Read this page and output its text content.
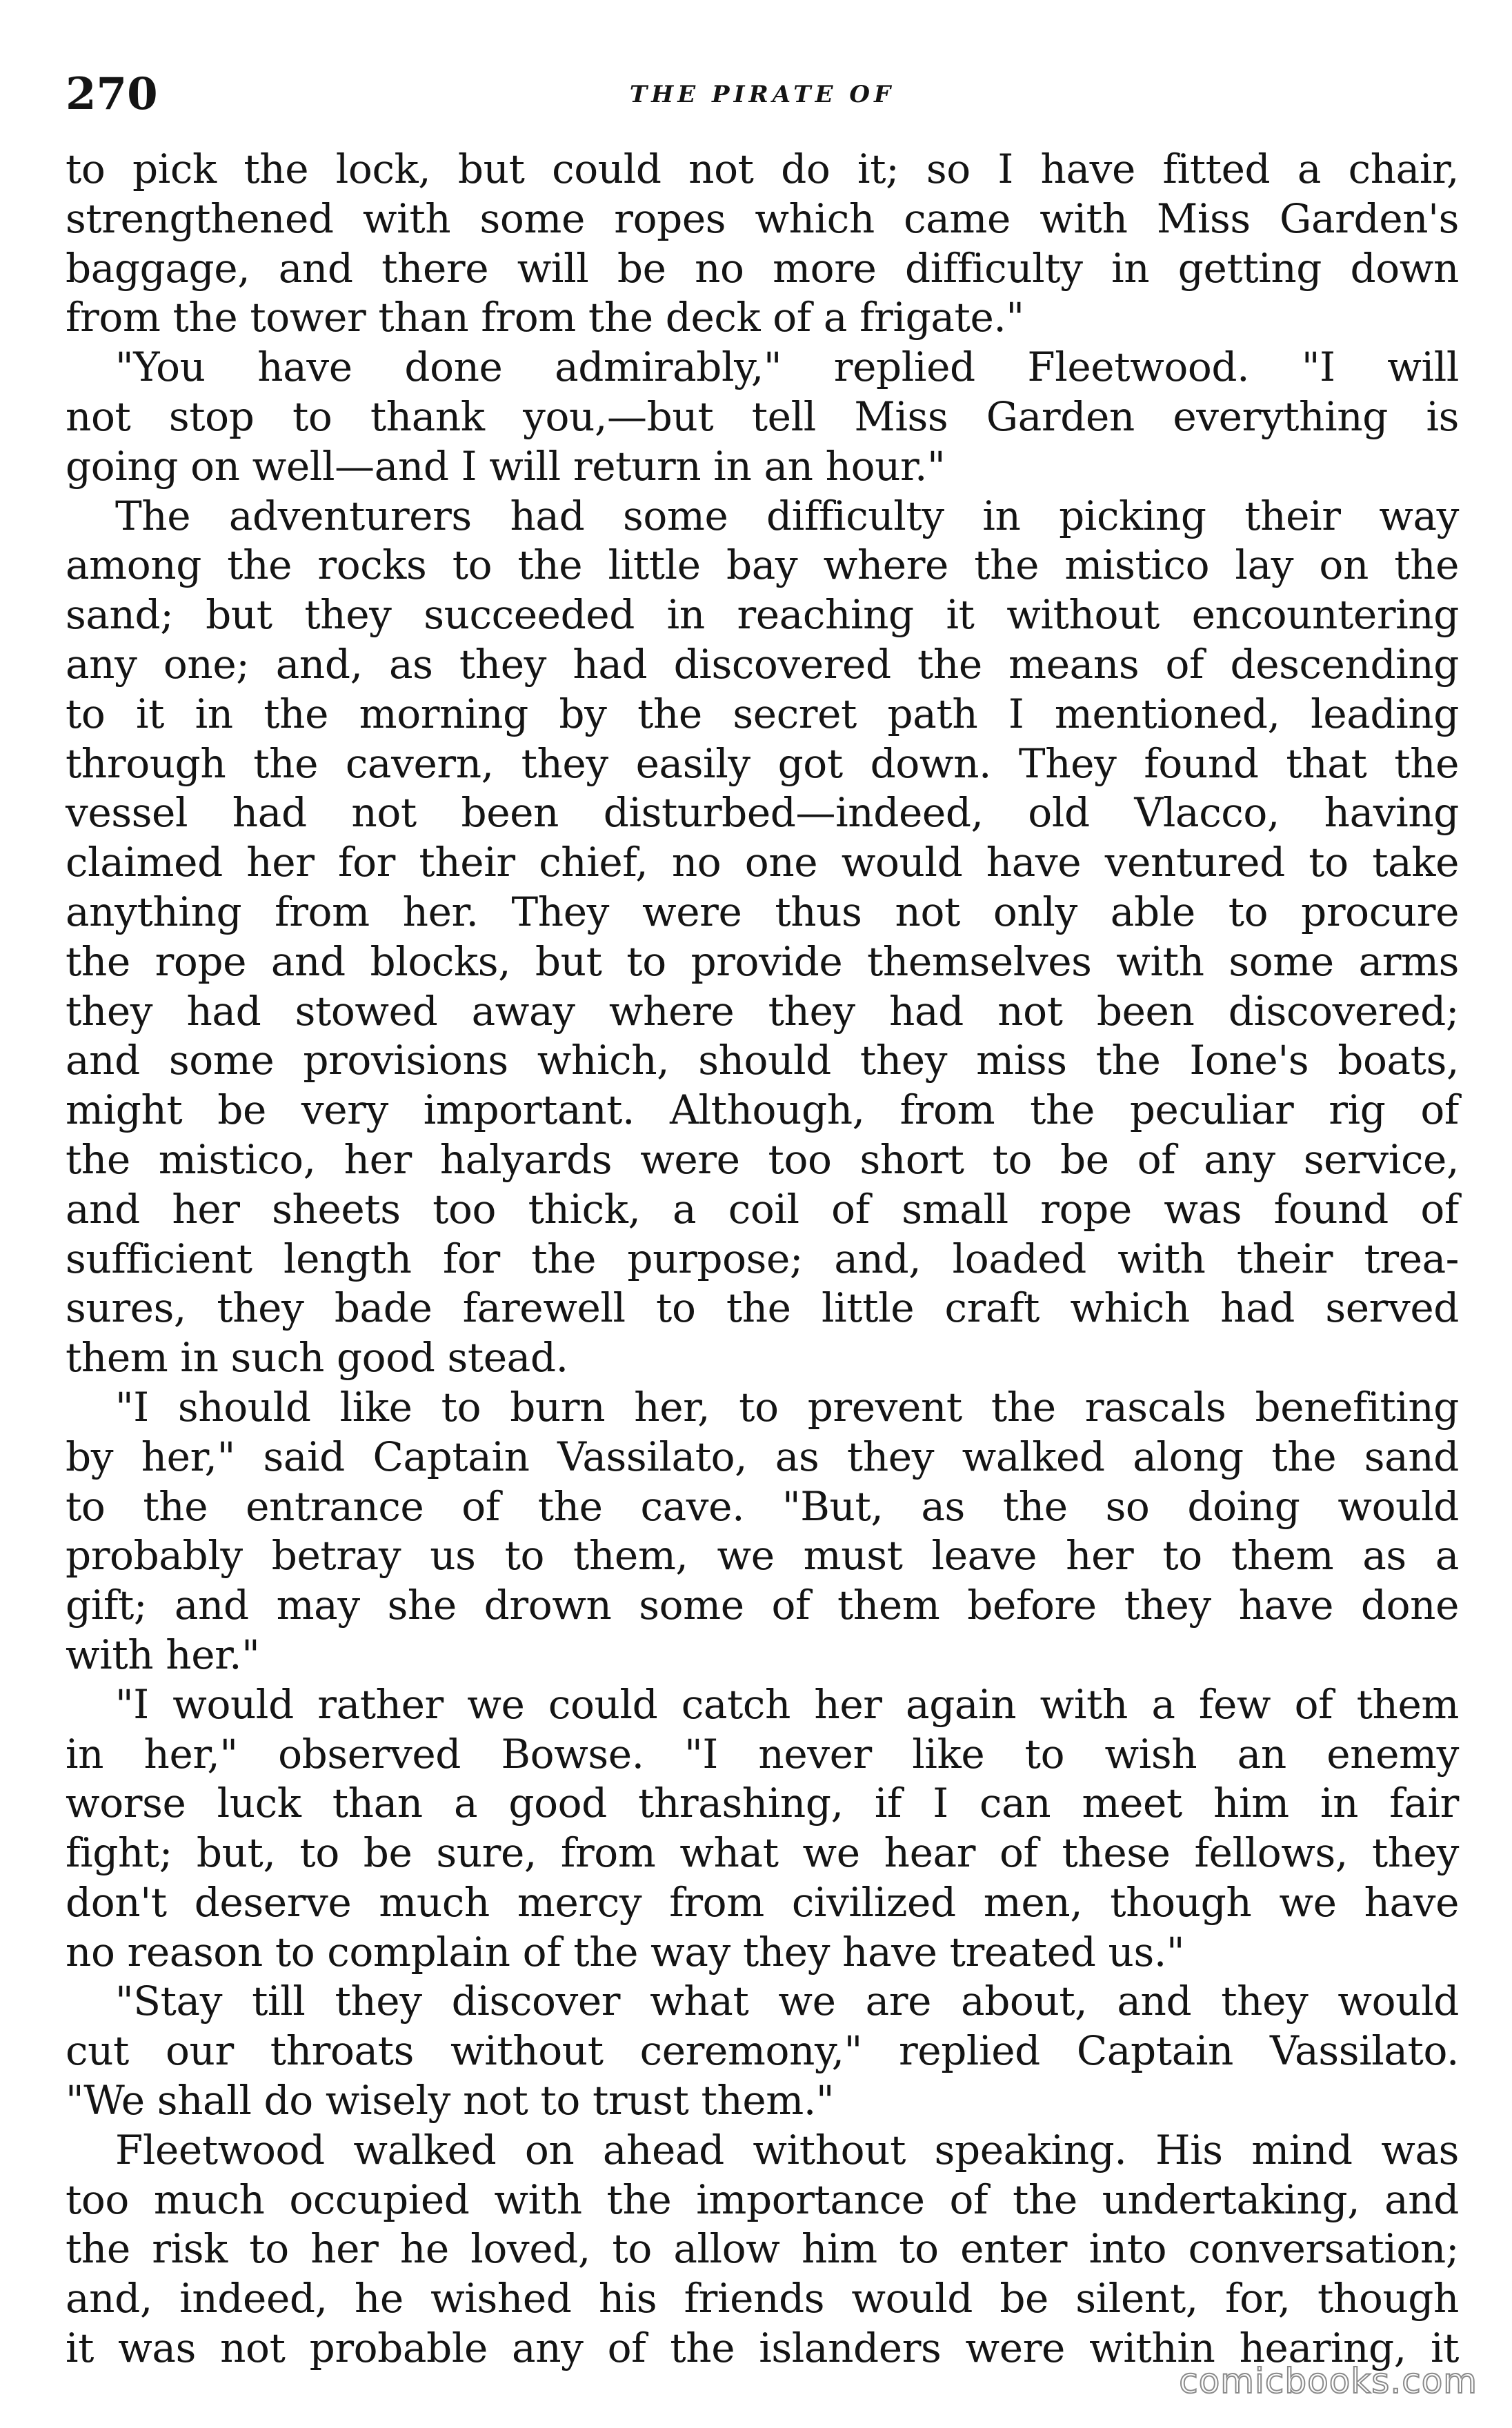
270	THE PIRATE OF
to pick the lock, but could not do it; so I have fitted a chair,
strengthened with some ropes which came with Miss Garden's
baggage, and there will be no more difficulty in getting down
from the tower than from the deck of a frigate."
"You have done admirably," replied Fleetwood. "I will
not stop to thank you,—but tell Miss Garden everything is
going on well—and I will return in an hour."
The adventurers had some difficulty in picking their way
among the rocks to the little bay where the mistico lay on the
sand; but they succeeded in reaching it without encountering
any one; and, as they had discovered the means of descending
to it in the morning by the secret path I mentioned, leading
through the cavern, they easily got down. They found that the
vessel had not been disturbed—indeed, old Vlacco, having
claimed her for their chief, no one would have ventured to take
anything from her. They were thus not only able to procure
the rope and blocks, but to provide themselves with some arms
they had stowed away where they had not been discovered;
and some provisions which, should they miss the Ione's boats,
might be very important. Although, from the peculiar rig of
the mistico, her halyards were too short to be of any service,
and her sheets too thick, a coil of small rope was found of
sufficient length for the purpose; and, loaded with their trea-
sures, they bade farewell to the little craft which had served
them in such good stead.
"I should like to burn her, to prevent the rascals benefiting
by her," said Captain Vassilato, as they walked along the sand
to the entrance of the cave. "But, as the so doing would
probably betray us to them, we must leave her to them as a
gift; and may she drown some of them before they have done
with her."
"I would rather we could catch her again with a few of them
in her," observed Bowse. "I never like to wish an enemy
worse luck than a good thrashing, if I can meet him in fair
fight; but, to be sure, from what we hear of these fellows, they
don't deserve much mercy from civilized men, though we have
no reason to complain of the way they have treated us."
"Stay till they discover what we are about, and they would
cut our throats without ceremony," replied Captain Vassilato.
"We shall do wisely not to trust them."
Fleetwood walked on ahead without speaking. His mind was
too much occupied with the importance of the undertaking, and
the risk to her he loved, to allow him to enter into conversation;
and, indeed, he wished his friends would be silent, for, though
it was not probable any of the islanders were within hearing, it
comicbooks.com
